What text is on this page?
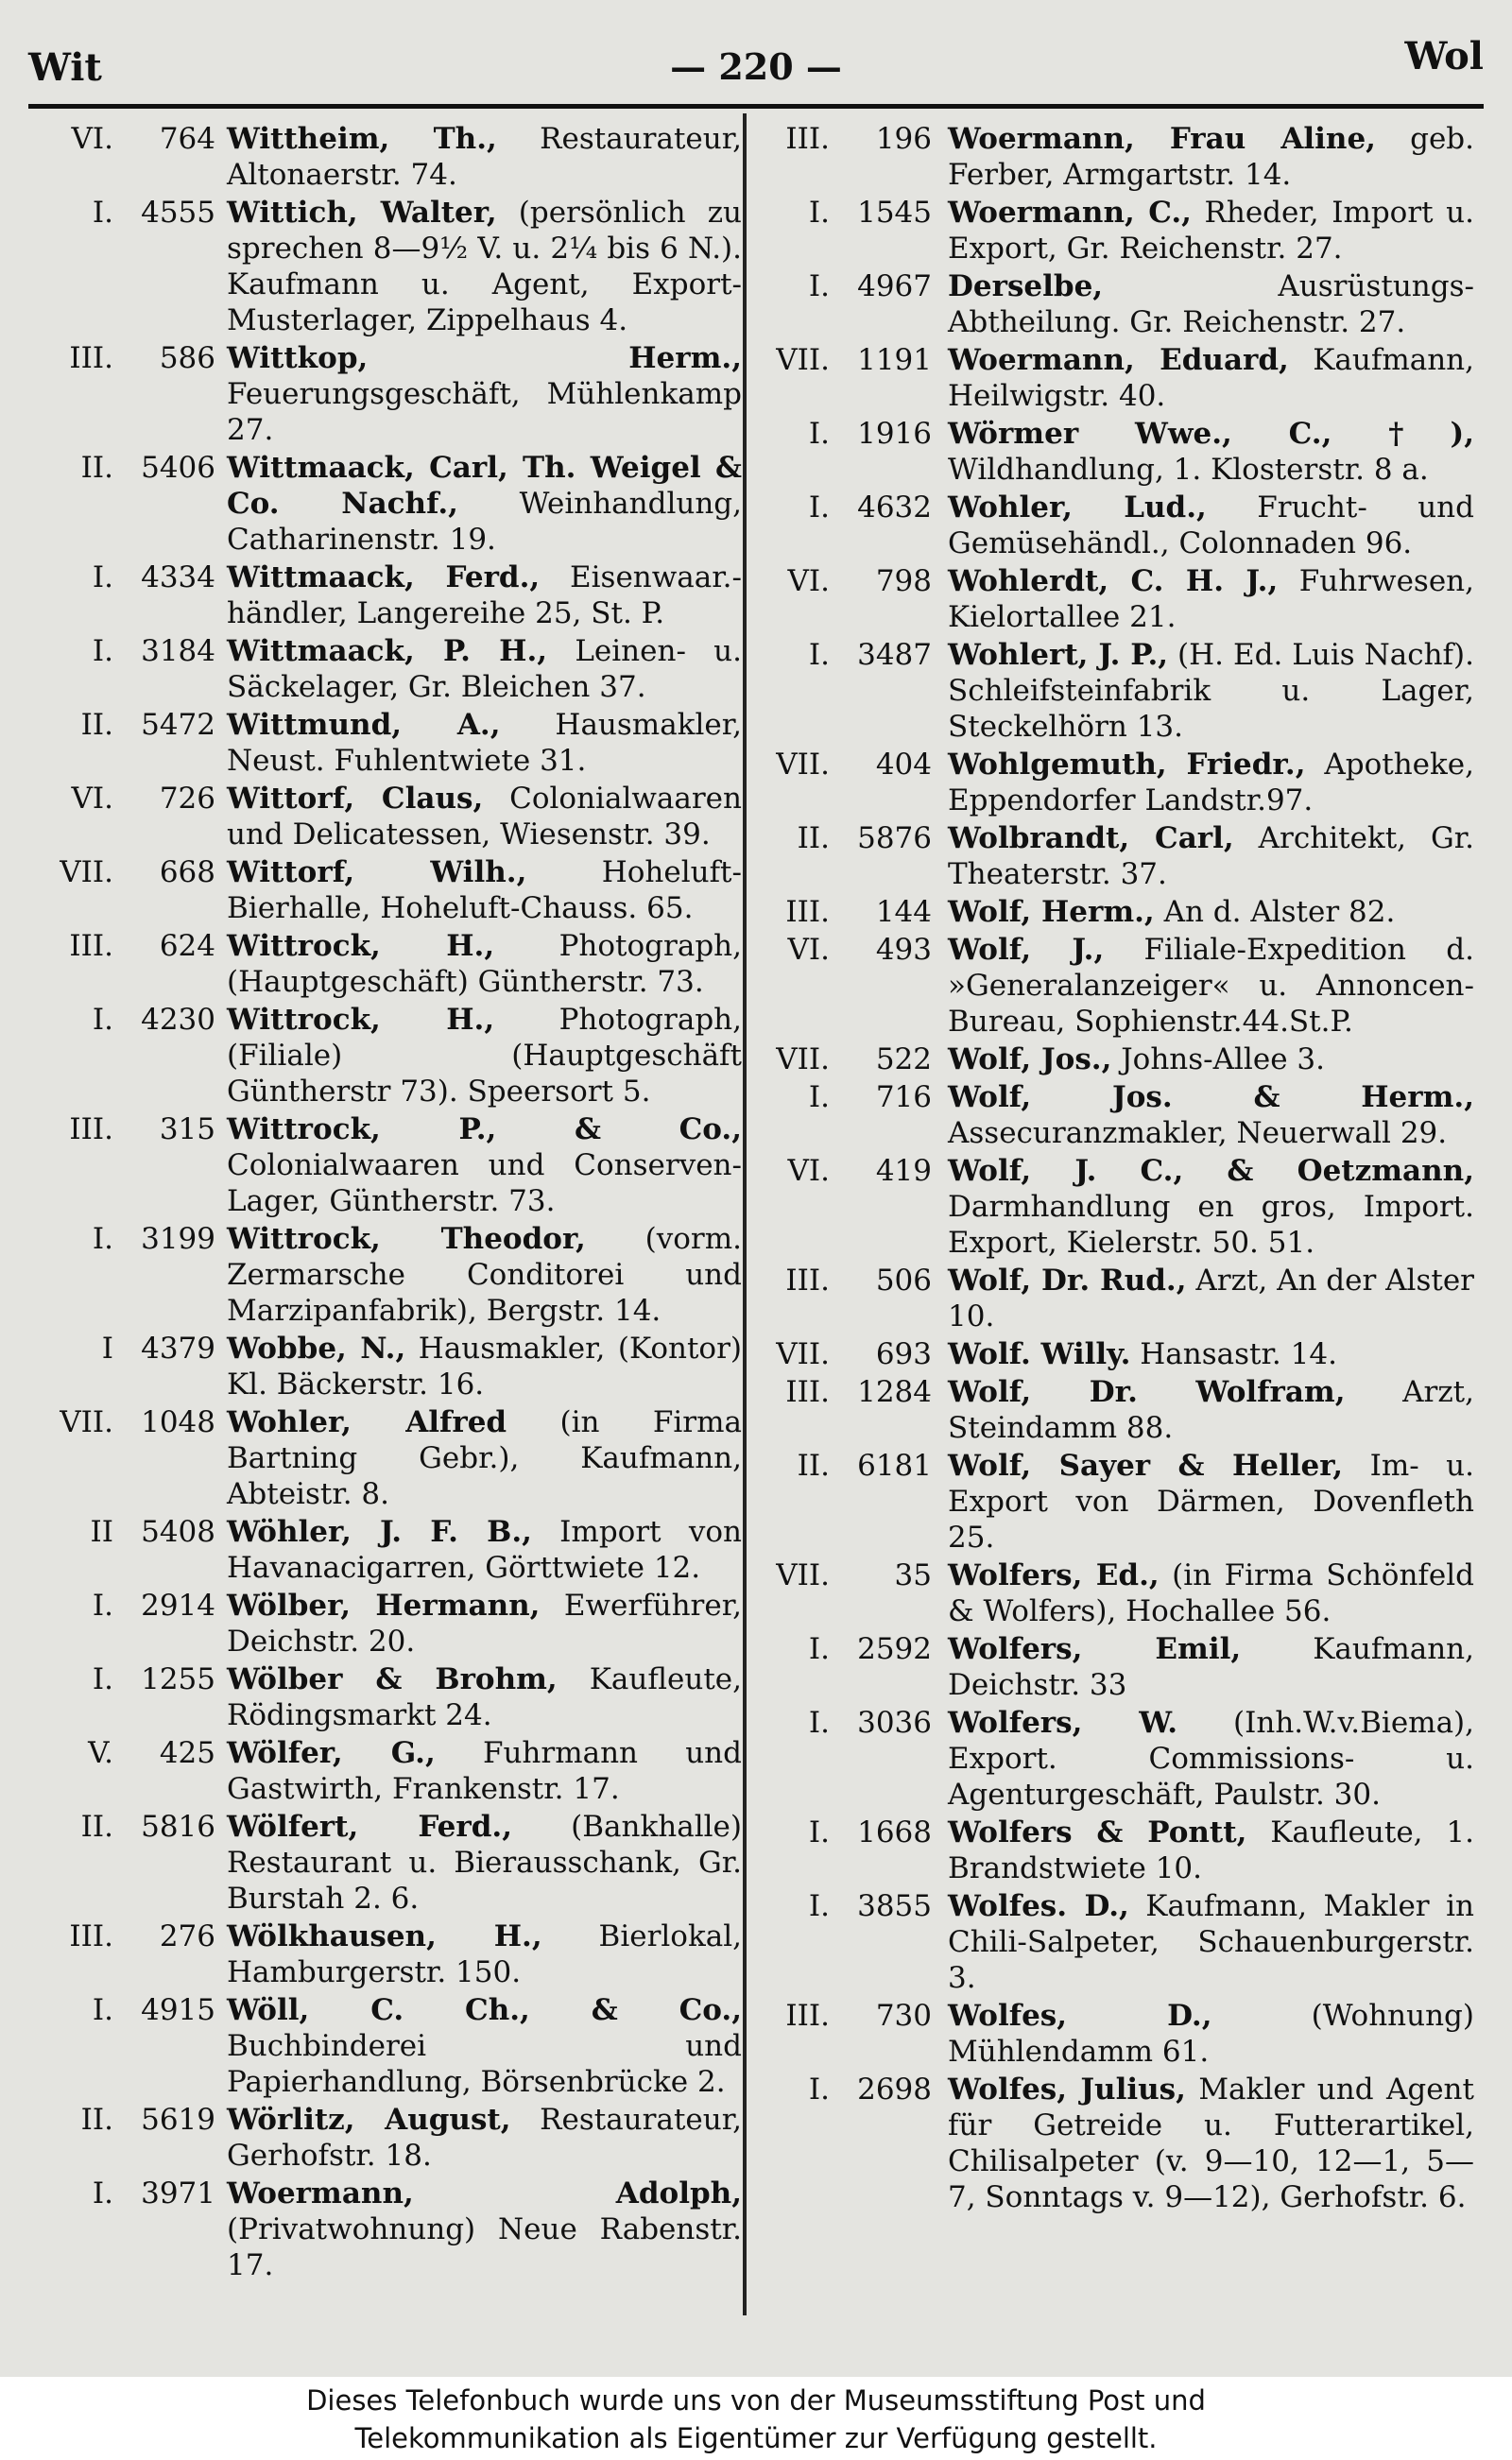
Wit	— 220 —	Wol
VI. 764 Wittheim, Th., Restaurateur, Altonaerstr. 74.
I. 4555 Wittich, Walter, (persönlich zu sprechen 8—9½ V. u. 2¼ bis 6 N.). Kaufmann u. Agent, Export-Musterlager, Zippelhaus 4.
III. 586 Wittkop, Herm., Feuerungsgeschäft, Mühlenkamp 27.
II. 5406 Wittmaack, Carl, Th. Weigel & Co. Nachf., Weinhandlung, Catharinenstr. 19.
I. 4334 Wittmaack, Ferd., Eisenwaar.-händler, Langereihe 25, St. P.
I. 3184 Wittmaack, P. H., Leinen- u. Säckelager, Gr. Bleichen 37.
II. 5472 Wittmund, A., Hausmakler, Neust. Fuhlentwiete 31.
VI. 726 Wittorf, Claus, Colonialwaaren und Delicatessen, Wiesenstr. 39.
VII. 668 Wittorf, Wilh., Hoheluft-Bierhalle, Hoheluft-Chauss. 65.
III. 624 Wittrock, H., Photograph, (Hauptgeschäft) Güntherstr. 73.
I. 4230 Wittrock, H., Photograph, (Filiale) (Hauptgeschäft Güntherstr 73). Speersort 5.
III. 315 Wittrock, P., & Co., Colonialwaaren und Conserven-Lager, Güntherstr. 73.
I. 3199 Wittrock, Theodor, (vorm. Zermarsche Conditorei und Marzipanfabrik), Bergstr. 14.
I 4379 Wobbe, N., Hausmakler, (Kontor) Kl. Bäckerstr. 16.
VII. 1048 Wohler, Alfred (in Firma Bartning Gebr.), Kaufmann, Abteistr. 8.
II 5408 Wöhler, J. F. B., Import von Havanacigarren, Görttwiete 12.
I. 2914 Wölber, Hermann, Ewerführer, Deichstr. 20.
I. 1255 Wölber & Brohm, Kaufleute, Rödingsmarkt 24.
V. 425 Wölfer, G., Fuhrmann und Gastwirth, Frankenstr. 17.
II. 5816 Wölfert, Ferd., (Bankhalle) Restaurant u. Bierausschank, Gr. Burstah 2. 6.
III. 276 Wölkhausen, H., Bierlokal, Hamburgerstr. 150.
I. 4915 Wöll, C. Ch., & Co., Buchbinderei und Papierhandlung, Börsenbrücke 2.
II. 5619 Wörlitz, August, Restaurateur, Gerhofstr. 18.
I. 3971 Woermann, Adolph, (Privatwohnung) Neue Rabenstr. 17.
III. 196 Woermann, Frau Aline, geb. Ferber, Armgartstr. 14.
I. 1545 Woermann, C., Rheder, Import u. Export, Gr. Reichenstr. 27.
I. 4967 Derselbe, Ausrüstungs-Abtheilung. Gr. Reichenstr. 27.
VII. 1191 Woermann, Eduard, Kaufmann, Heilwigstr. 40.
I. 1916 Wörmer Wwe., C., †), Wildhandlung, 1. Klosterstr. 8 a.
I. 4632 Wohler, Lud., Frucht- und Gemüsehändl., Colonnaden 96.
VI. 798 Wohlerdt, C. H. J., Fuhrwesen, Kielortallee 21.
I. 3487 Wohlert, J. P., (H. Ed. Luis Nachf). Schleifsteinfabrik u. Lager, Steckelhörn 13.
VII. 404 Wohlgemuth, Friedr., Apotheke, Eppendorfer Landstr.97.
II. 5876 Wolbrandt, Carl, Architekt, Gr. Theaterstr. 37.
III. 144 Wolf, Herm., An d. Alster 82.
VI. 493 Wolf, J., Filiale-Expedition d. »Generalanzeiger« u. Annoncen-Bureau, Sophienstr.44.St.P.
VII. 522 Wolf, Jos., Johns-Allee 3.
I. 716 Wolf, Jos. & Herm., Assecuranzmakler, Neuerwall 29.
VI. 419 Wolf, J. C., & Oetzmann, Darmhandlung en gros, Import. Export, Kielerstr. 50. 51.
III. 506 Wolf, Dr. Rud., Arzt, An der Alster 10.
VII. 693 Wolf. Willy. Hansastr. 14.
III. 1284 Wolf, Dr. Wolfram, Arzt, Steindamm 88.
II. 6181 Wolf, Sayer & Heller, Im- u. Export von Därmen, Dovenfleth 25.
VII. 35 Wolfers, Ed., (in Firma Schönfeld & Wolfers), Hochallee 56.
I. 2592 Wolfers, Emil, Kaufmann, Deichstr. 33
I. 3036 Wolfers, W. (Inh.W.v.Biema), Export. Commissions- u. Agenturgeschäft, Paulstr. 30.
I. 1668 Wolfers & Pontt, Kaufleute, 1. Brandstwiete 10.
I. 3855 Wolfes. D., Kaufmann, Makler in Chili-Salpeter, Schauenburgerstr. 3.
III. 730 Wolfes, D., (Wohnung) Mühlendamm 61.
I. 2698 Wolfes, Julius, Makler und Agent für Getreide u. Futterartikel, Chilisalpeter (v. 9—10, 12—1, 5—7, Sonntags v. 9—12), Gerhofstr. 6.
Dieses Telefonbuch wurde uns von der Museumsstiftung Post und
Telekommunikation als Eigentümer zur Verfügung gestellt.
